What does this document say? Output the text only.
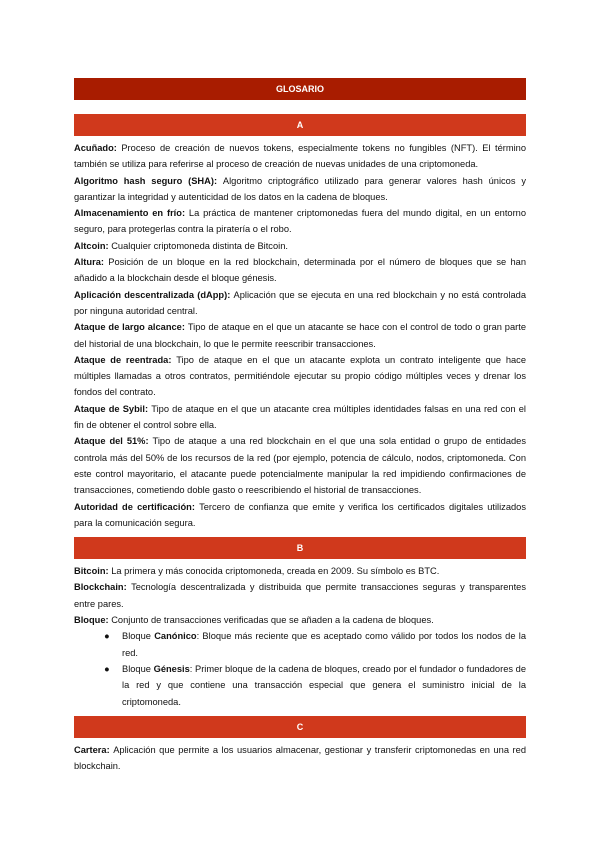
GLOSARIO
A

Acuñado: Proceso de creación de nuevos tokens, especialmente tokens no fungibles (NFT). El término también se utiliza para referirse al proceso de creación de nuevas unidades de una criptomoneda.

Algoritmo hash seguro (SHA): Algoritmo criptográfico utilizado para generar valores hash únicos y garantizar la integridad y autenticidad de los datos en la cadena de bloques.

Almacenamiento en frío: La práctica de mantener criptomonedas fuera del mundo digital, en un entorno seguro, para protegerlas contra la piratería o el robo.

Altcoin: Cualquier criptomoneda distinta de Bitcoin.

Altura: Posición de un bloque en la red blockchain, determinada por el número de bloques que se han añadido a la blockchain desde el bloque génesis.

Aplicación descentralizada (dApp): Aplicación que se ejecuta en una red blockchain y no está controlada por ninguna autoridad central.

Ataque de largo alcance: Tipo de ataque en el que un atacante se hace con el control de todo o gran parte del historial de una blockchain, lo que le permite reescribir transacciones.

Ataque de reentrada: Tipo de ataque en el que un atacante explota un contrato inteligente que hace múltiples llamadas a otros contratos, permitiéndole ejecutar su propio código múltiples veces y drenar los fondos del contrato.

Ataque de Sybil: Tipo de ataque en el que un atacante crea múltiples identidades falsas en una red con el fin de obtener el control sobre ella.

Ataque del 51%: Tipo de ataque a una red blockchain en el que una sola entidad o grupo de entidades controla más del 50% de los recursos de la red (por ejemplo, potencia de cálculo, nodos, criptomoneda. Con este control mayoritario, el atacante puede potencialmente manipular la red impidiendo confirmaciones de transacciones, cometiendo doble gasto o reescribiendo el historial de transacciones.

Autoridad de certificación: Tercero de confianza que emite y verifica los certificados digitales utilizados para la comunicación segura.

B

Bitcoin: La primera y más conocida criptomoneda, creada en 2009. Su símbolo es BTC.

Blockchain: Tecnología descentralizada y distribuida que permite transacciones seguras y transparentes entre pares.

Bloque: Conjunto de transacciones verificadas que se añaden a la cadena de bloques.

● Bloque Canónico: Bloque más reciente que es aceptado como válido por todos los nodos de la red.
● Bloque Génesis: Primer bloque de la cadena de bloques, creado por el fundador o fundadores de la red y que contiene una transacción especial que genera el suministro inicial de la criptomoneda.
C

Cartera: Aplicación que permite a los usuarios almacenar, gestionar y transferir criptomonedas en una red blockchain.
